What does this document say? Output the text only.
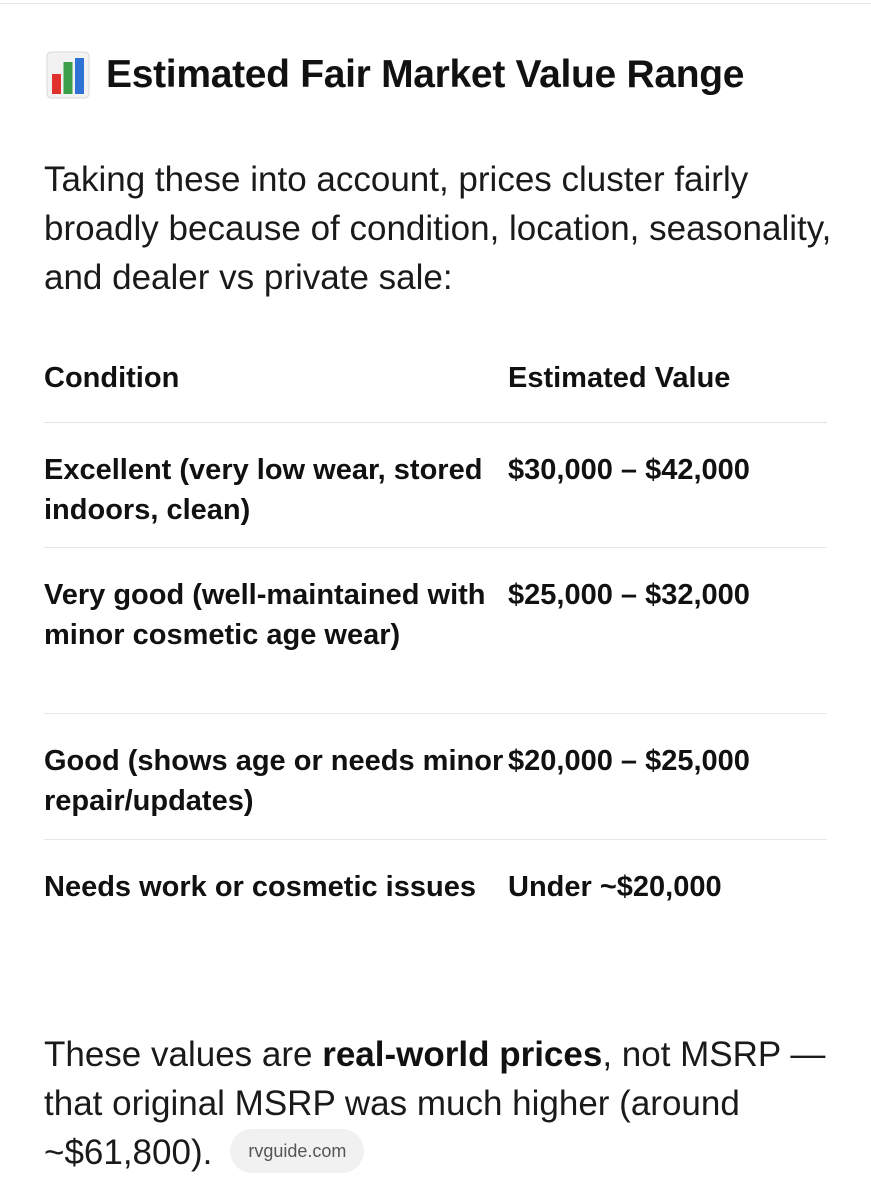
Estimated Fair Market Value Range

Taking these into account, prices cluster fairly broadly because of condition, location, seasonality, and dealer vs private sale:

Condition	Estimated Value
Excellent (very low wear, stored indoors, clean)
$30,000 – $42,000
Very good (well-maintained with minor cosmetic age wear)
$25,000 – $32,000
Good (shows age or needs minor repair/updates)
$20,000 – $25,000
Needs work or cosmetic issues	Under ~$20,000

These values are real-world prices, not MSRP — that original MSRP was much higher (around ~$61,800). rvguide.com
